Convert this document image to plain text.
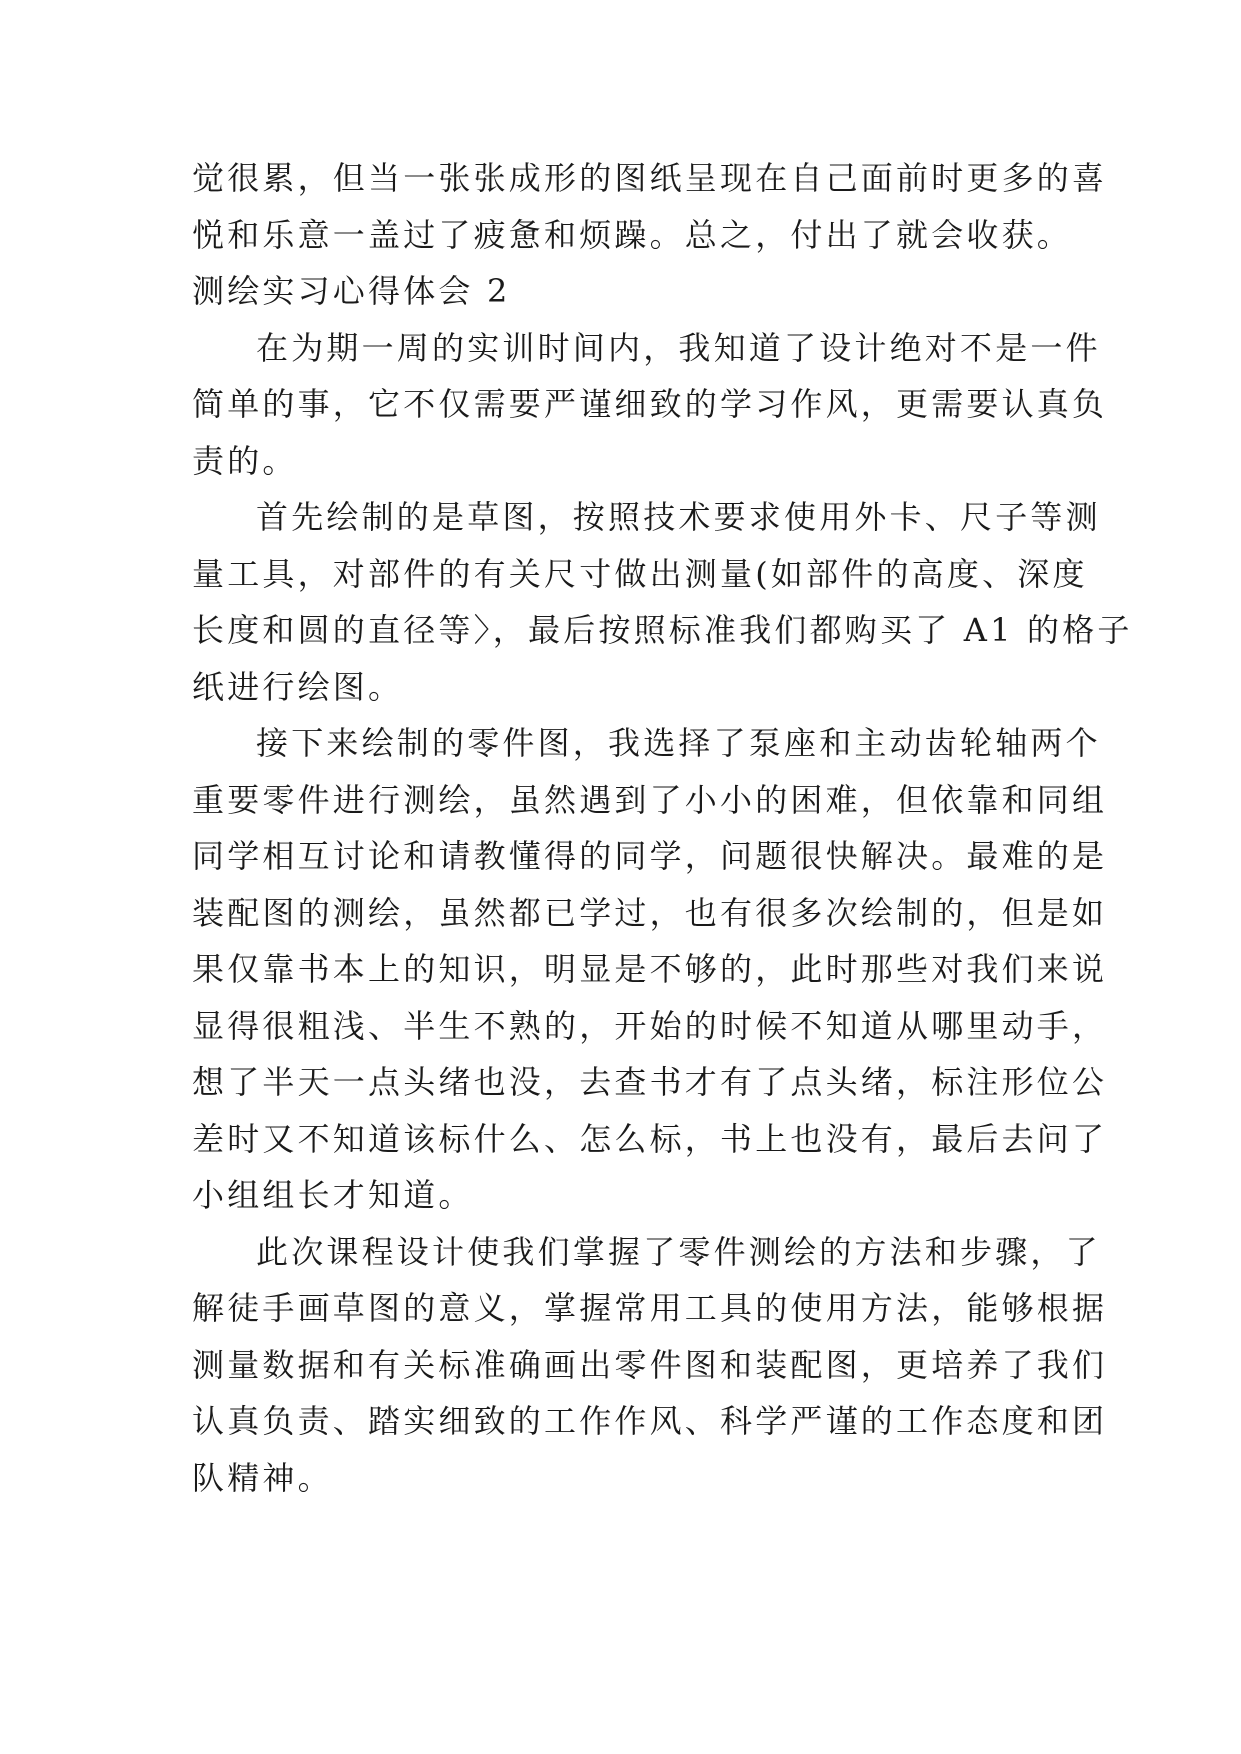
觉很累，但当一张张成形的图纸呈现在自己面前时更多的喜

悦和乐意一盖过了疲惫和烦躁。总之，付出了就会收获。

测绘实习心得体会 2

在为期一周的实训时间内，我知道了设计绝对不是一件

简单的事，它不仅需要严谨细致的学习作风，更需要认真负

责的。

首先绘制的是草图，按照技术要求使用外卡、尺子等测

量工具，对部件的有关尺寸做出测量(如部件的高度、深度

长度和圆的直径等〉，最后按照标准我们都购买了 A1 的格子

纸进行绘图。

接下来绘制的零件图，我选择了泵座和主动齿轮轴两个

重要零件进行测绘，虽然遇到了小小的困难，但依靠和同组

同学相互讨论和请教懂得的同学，问题很快解决。最难的是

装配图的测绘，虽然都已学过，也有很多次绘制的，但是如

果仅靠书本上的知识，明显是不够的，此时那些对我们来说

显得很粗浅、半生不熟的，开始的时候不知道从哪里动手，

想了半天一点头绪也没，去查书才有了点头绪，标注形位公

差时又不知道该标什么、怎么标，书上也没有，最后去问了

小组组长才知道。

此次课程设计使我们掌握了零件测绘的方法和步骤，了

解徒手画草图的意义，掌握常用工具的使用方法，能够根据

测量数据和有关标准确画出零件图和装配图，更培养了我们

认真负责、踏实细致的工作作风、科学严谨的工作态度和团

队精神。
